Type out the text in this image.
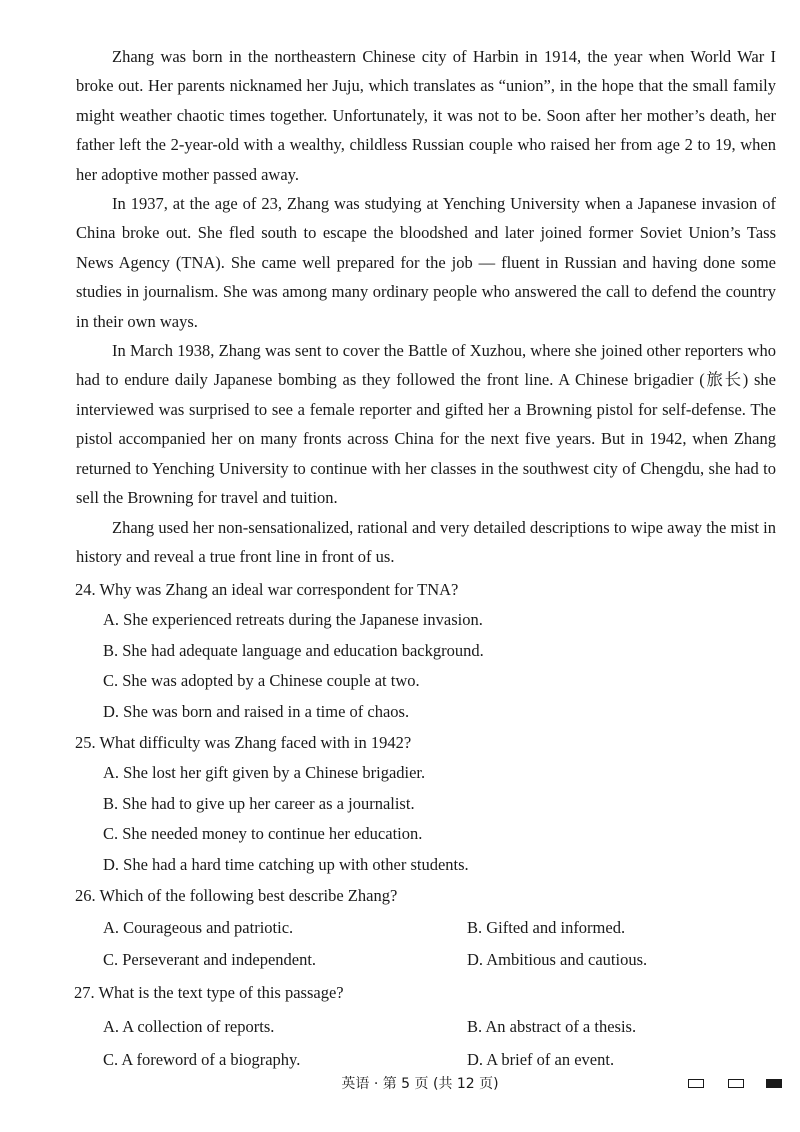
Zhang was born in the northeastern Chinese city of Harbin in 1914, the year when World War I broke out. Her parents nicknamed her Juju, which translates as “union”, in the hope that the small family might weather chaotic times together. Unfortunately, it was not to be. Soon after her mother’s death, her father left the 2-year-old with a wealthy, childless Russian couple who raised her from age 2 to 19, when her adoptive mother passed away.

In 1937, at the age of 23, Zhang was studying at Yenching University when a Japanese invasion of China broke out. She fled south to escape the bloodshed and later joined former Soviet Union’s Tass News Agency (TNA). She came well prepared for the job — fluent in Russian and having done some studies in journalism. She was among many ordinary people who answered the call to defend the country in their own ways.

In March 1938, Zhang was sent to cover the Battle of Xuzhou, where she joined other reporters who had to endure daily Japanese bombing as they followed the front line. A Chinese brigadier (旅长) she interviewed was surprised to see a female reporter and gifted her a Browning pistol for self-defense. The pistol accompanied her on many fronts across China for the next five years. But in 1942, when Zhang returned to Yenching University to continue with her classes in the southwest city of Chengdu, she had to sell the Browning for travel and tuition.

Zhang used her non-sensationalized, rational and very detailed descriptions to wipe away the mist in history and reveal a true front line in front of us.

24. Why was Zhang an ideal war correspondent for TNA?
A. She experienced retreats during the Japanese invasion.
B. She had adequate language and education background.
C. She was adopted by a Chinese couple at two.
D. She was born and raised in a time of chaos.
25. What difficulty was Zhang faced with in 1942?
A. She lost her gift given by a Chinese brigadier.
B. She had to give up her career as a journalist.
C. She needed money to continue her education.
D. She had a hard time catching up with other students.
26. Which of the following best describe Zhang?
A. Courageous and patriotic.	B. Gifted and informed.
C. Perseverant and independent.	D. Ambitious and cautious.
27. What is the text type of this passage?
A. A collection of reports.	B. An abstract of a thesis.
C. A foreword of a biography.	D. A brief of an event.
英语 · 第 5 页 (共 12 页)
